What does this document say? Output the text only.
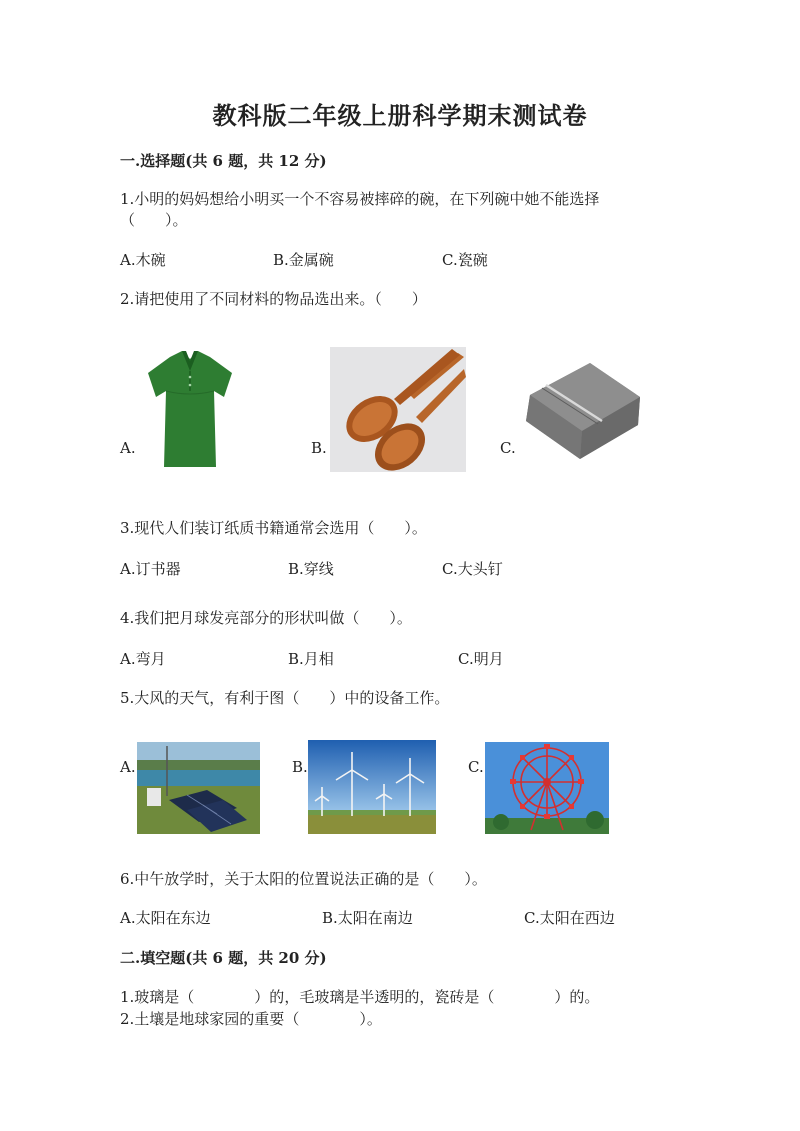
教科版二年级上册科学期末测试卷
一.选择题(共 6 题，共 12 分)
1.小明的妈妈想给小明买一个不容易被摔碎的碗，在下列碗中她不能选择
（　　）。
A.木碗	B.金属碗	C.瓷碗
2.请把使用了不同材料的物品选出来。（　　）
A.	B.	C.
3.现代人们装订纸质书籍通常会选用（　　）。
A.订书器	B.穿线	C.大头钉
4.我们把月球发亮部分的形状叫做（　　）。
A.弯月	B.月相	C.明月
5.大风的天气，有利于图（　　）中的设备工作。
A.	B.	C.
6.中午放学时，关于太阳的位置说法正确的是（　　）。
A.太阳在东边	B.太阳在南边	C.太阳在西边
二.填空题(共 6 题，共 20 分)
1.玻璃是（　　　　）的，毛玻璃是半透明的，瓷砖是（　　　　）的。
2.土壤是地球家园的重要（　　　　）。
